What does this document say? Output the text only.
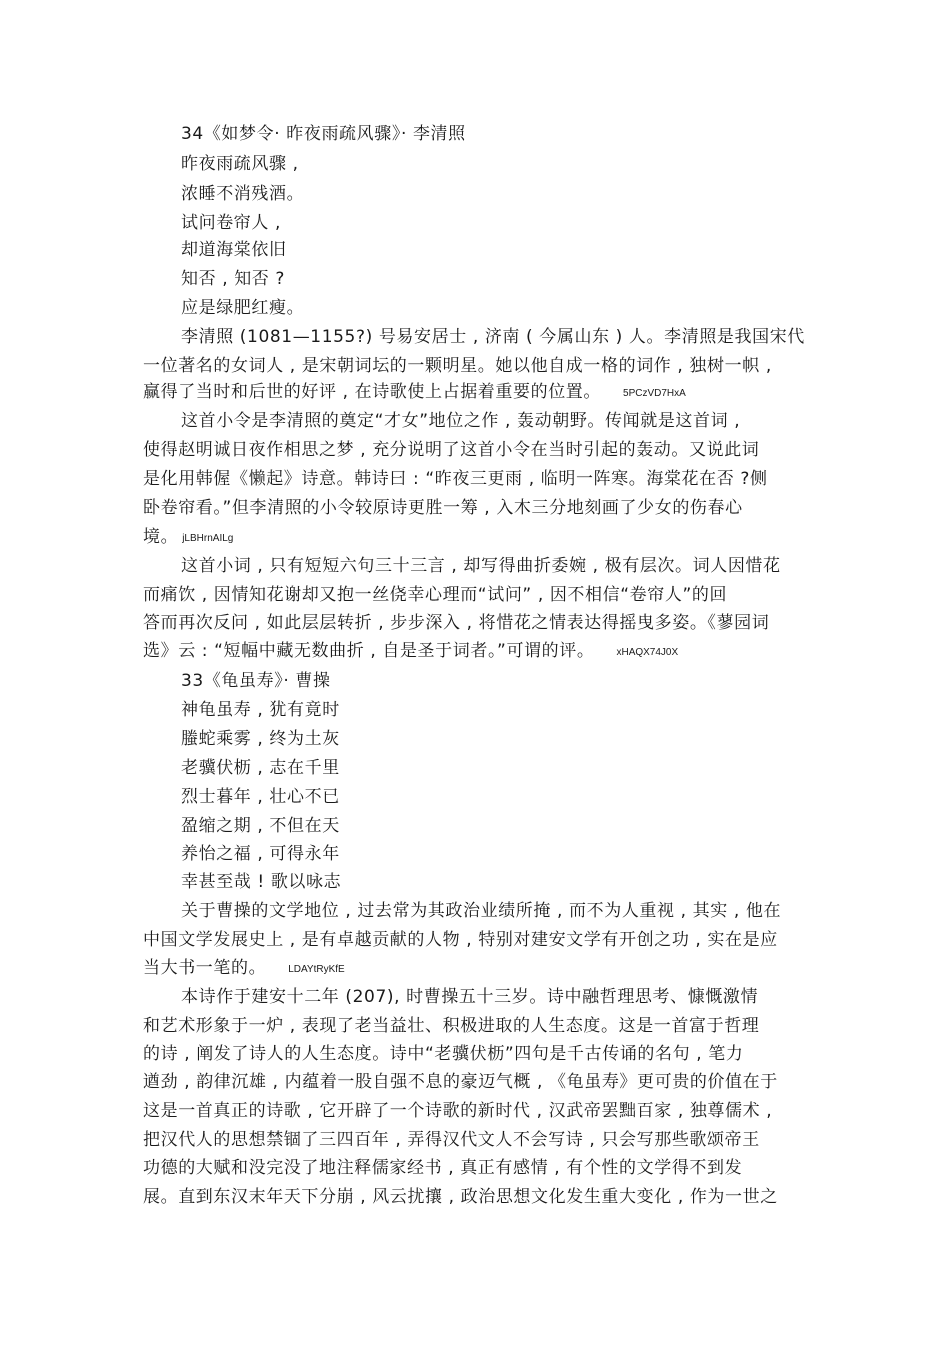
34《如梦令· 昨夜雨疏风骤》· 李清照
昨夜雨疏风骤 ,
浓睡不消残酒。
试问卷帘人 ,
却道海棠依旧
知否 , 知否 ?
应是绿肥红瘦。
李清照 (1081—1155?) 号易安居士 , 济南 ( 今属山东 ) 人。李清照是我国宋代
一位著名的女词人 , 是宋朝词坛的一颗明星。她以他自成一格的词作 , 独树一帜 ,
赢得了当时和后世的好评 , 在诗歌使上占据着重要的位置。 5PCzVD7HxA
这首小令是李清照的奠定“才女”地位之作 , 轰动朝野。传闻就是这首词 ,
使得赵明诚日夜作相思之梦 , 充分说明了这首小令在当时引起的轰动。又说此词
是化用韩偓《懒起》诗意。韩诗曰 : “昨夜三更雨 , 临明一阵寒。海棠花在否 ?侧
卧卷帘看。”但李清照的小令较原诗更胜一筹 , 入木三分地刻画了少女的伤春心
境。 jLBHrnAILg
这首小词 , 只有短短六句三十三言 , 却写得曲折委婉 , 极有层次。词人因惜花
而痛饮 , 因情知花谢却又抱一丝侥幸心理而“试问” , 因不相信“卷帘人”的回
答而再次反问 , 如此层层转折 , 步步深入 , 将惜花之情表达得摇曳多姿。《蓼园词
选》云 : “短幅中藏无数曲折 , 自是圣于词者。”可谓的评。 xHAQX74J0X
33《龟虽寿》· 曹操
神龟虽寿 , 犹有竟时
螣蛇乘雾 , 终为土灰
老骥伏枥 , 志在千里
烈士暮年 , 壮心不已
盈缩之期 , 不但在天
养怡之福 , 可得永年
幸甚至哉 ! 歌以咏志
关于曹操的文学地位 , 过去常为其政治业绩所掩 , 而不为人重视 , 其实 , 他在
中国文学发展史上 , 是有卓越贡献的人物 , 特别对建安文学有开创之功 , 实在是应
当大书一笔的。 LDAYtRyKfE
本诗作于建安十二年 (207), 时曹操五十三岁。诗中融哲理思考、慷慨激情
和艺术形象于一炉 , 表现了老当益壮、积极进取的人生态度。这是一首富于哲理
的诗 , 阐发了诗人的人生态度。诗中“老骥伏枥”四句是千古传诵的名句 , 笔力
遒劲 , 韵律沉雄 , 内蕴着一股自强不息的豪迈气概 , 《龟虽寿》更可贵的价值在于
这是一首真正的诗歌 , 它开辟了一个诗歌的新时代 , 汉武帝罢黜百家 , 独尊儒术 ,
把汉代人的思想禁锢了三四百年 , 弄得汉代文人不会写诗 , 只会写那些歌颂帝王
功德的大赋和没完没了地注释儒家经书 , 真正有感情 , 有个性的文学得不到发
展。直到东汉末年天下分崩 , 风云扰攘 , 政治思想文化发生重大变化 , 作为一世之
